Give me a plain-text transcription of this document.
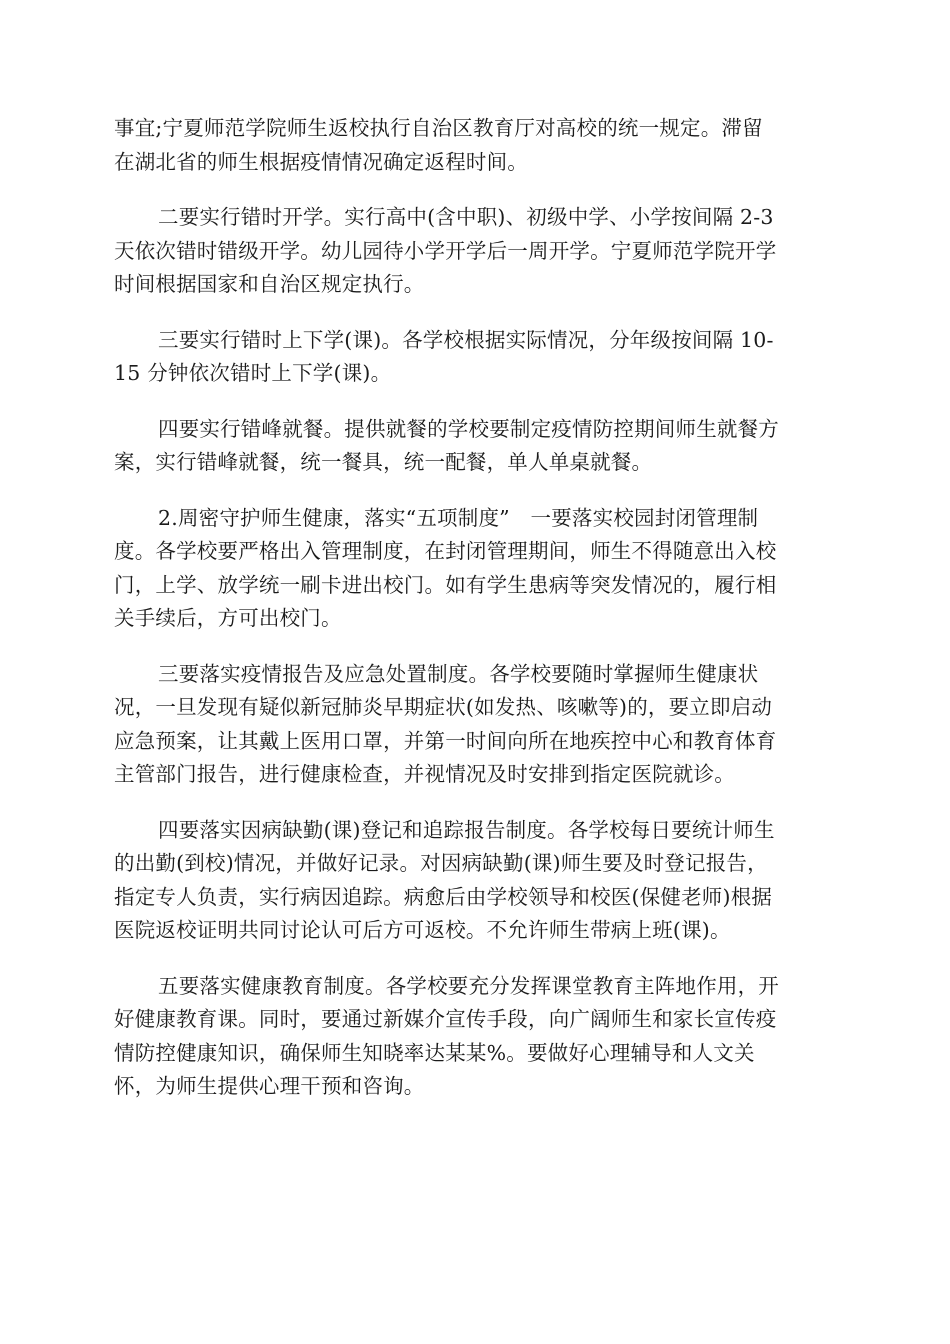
事宜;宁夏师范学院师生返校执行自治区教育厅对高校的统一规定。滞留
在湖北省的师生根据疫情情况确定返程时间。

二要实行错时开学。实行高中(含中职)、初级中学、小学按间隔 2-3
天依次错时错级开学。幼儿园待小学开学后一周开学。宁夏师范学院开学
时间根据国家和自治区规定执行。

三要实行错时上下学(课)。各学校根据实际情况，分年级按间隔 10-
15 分钟依次错时上下学(课)。

四要实行错峰就餐。提供就餐的学校要制定疫情防控期间师生就餐方
案，实行错峰就餐，统一餐具，统一配餐，单人单桌就餐。

2.周密守护师生健康，落实“五项制度”　一要落实校园封闭管理制
度。各学校要严格出入管理制度，在封闭管理期间，师生不得随意出入校
门，上学、放学统一刷卡进出校门。如有学生患病等突发情况的，履行相
关手续后，方可出校门。

三要落实疫情报告及应急处置制度。各学校要随时掌握师生健康状
况，一旦发现有疑似新冠肺炎早期症状(如发热、咳嗽等)的，要立即启动
应急预案，让其戴上医用口罩，并第一时间向所在地疾控中心和教育体育
主管部门报告，进行健康检查，并视情况及时安排到指定医院就诊。

四要落实因病缺勤(课)登记和追踪报告制度。各学校每日要统计师生
的出勤(到校)情况，并做好记录。对因病缺勤(课)师生要及时登记报告，
指定专人负责，实行病因追踪。病愈后由学校领导和校医(保健老师)根据
医院返校证明共同讨论认可后方可返校。不允许师生带病上班(课)。

五要落实健康教育制度。各学校要充分发挥课堂教育主阵地作用，开
好健康教育课。同时，要通过新媒介宣传手段，向广阔师生和家长宣传疫
情防控健康知识，确保师生知晓率达某某%。要做好心理辅导和人文关
怀，为师生提供心理干预和咨询。
